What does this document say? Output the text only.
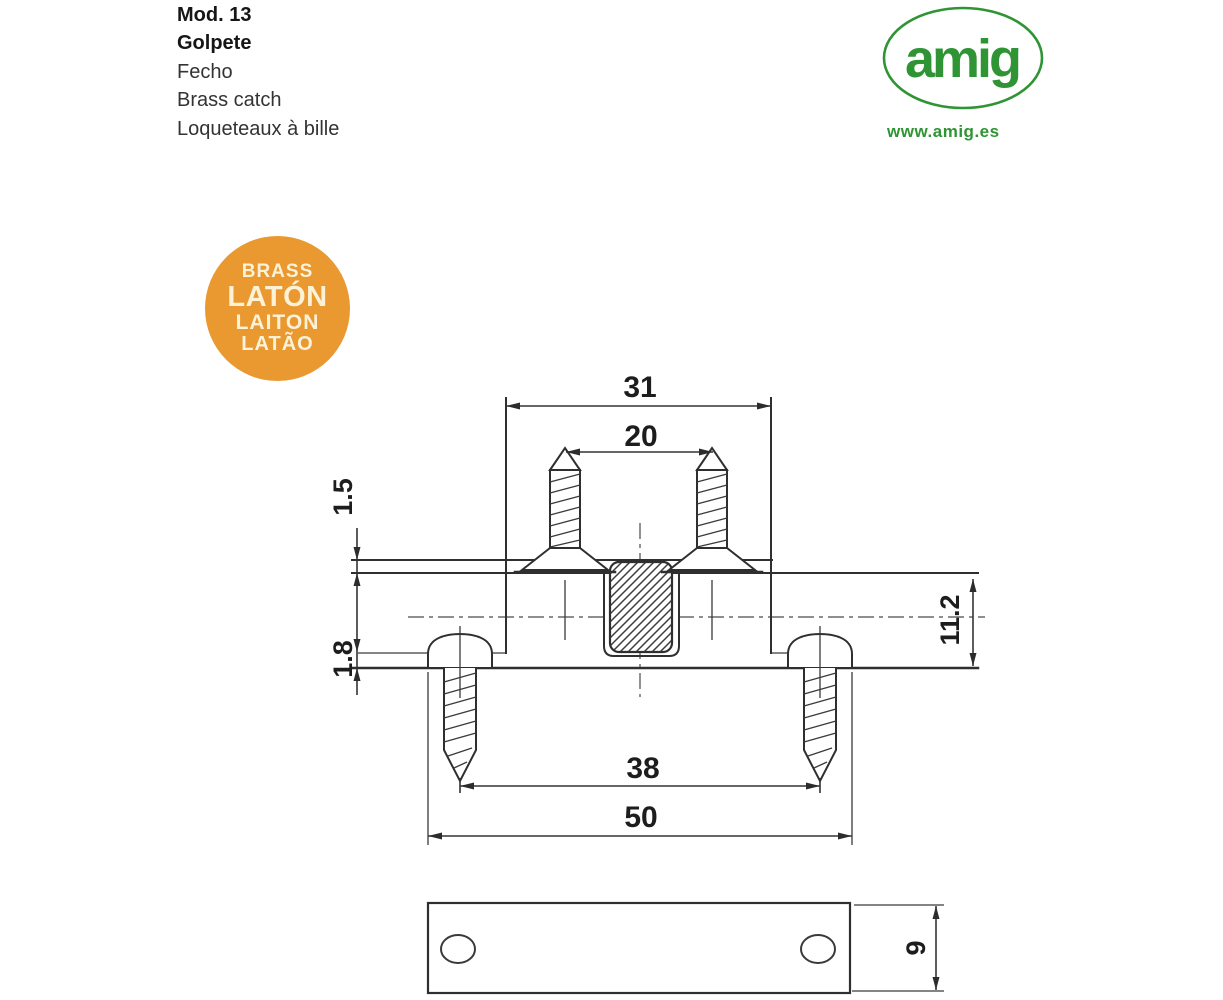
Mod. 13
Golpete
Fecho
Brass catch
Loqueteaux à bille
amig
www.amig.es
BRASS
LATÓN
LAITON
LATÃO
31
20
1.5
1.8
11.2
38
50
9
